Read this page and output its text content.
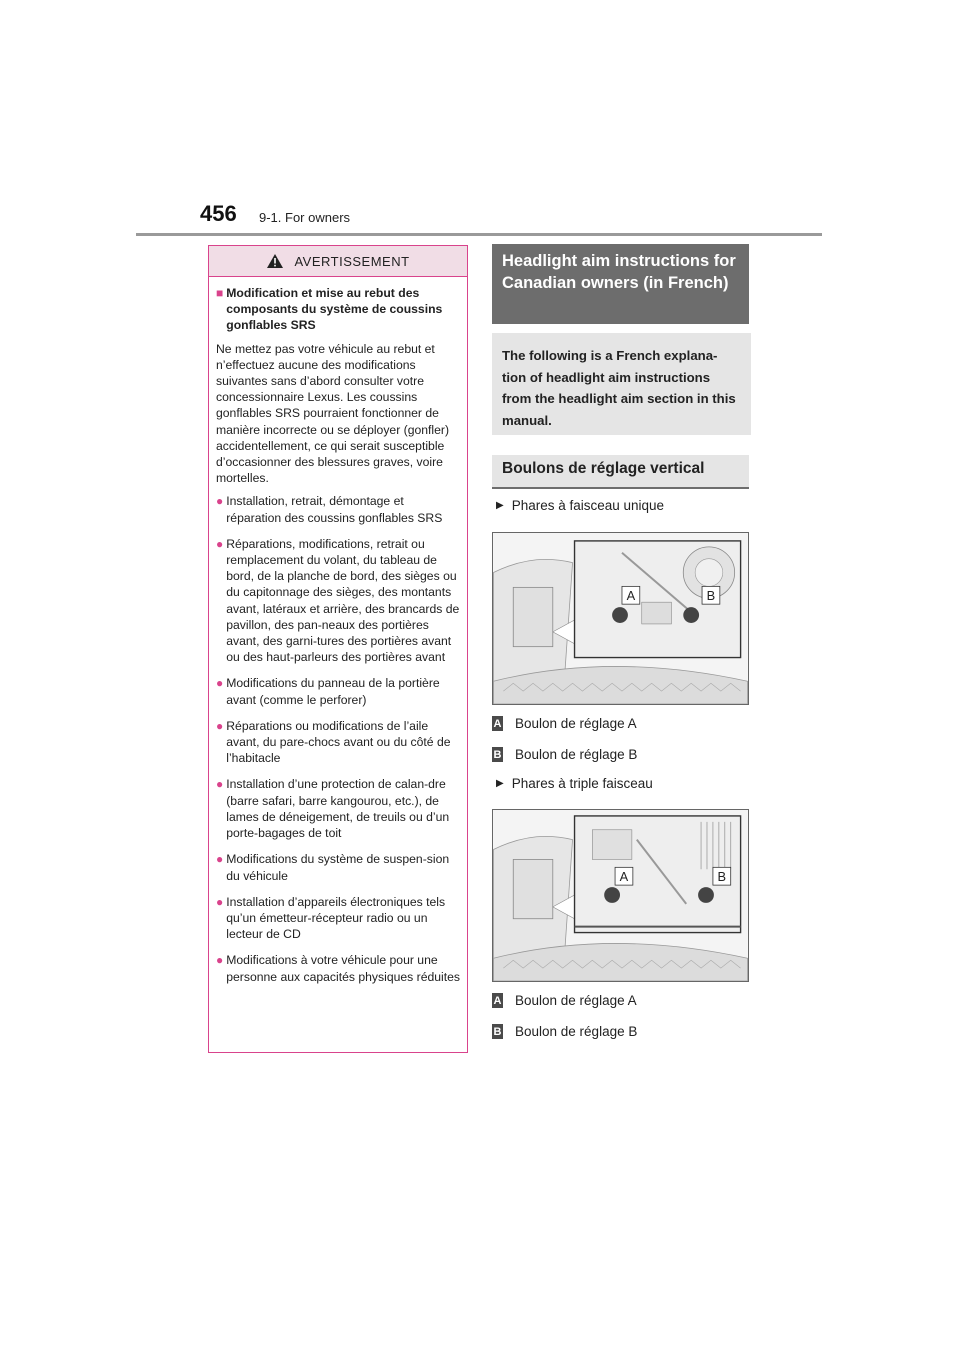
456 9-1. For owners
AVERTISSEMENT
■ Modification et mise au rebut des composants du système de coussins gonflables SRS

Ne mettez pas votre véhicule au rebut et n’effectuez aucune des modifications suivantes sans d’abord consulter votre concessionnaire Lexus. Les coussins gonflables SRS pourraient fonctionner de manière incorrecte ou se déployer (gonfler) accidentellement, ce qui serait susceptible d’occasionner des blessures graves, voire mortelles.

● Installation, retrait, démontage et réparation des coussins gonflables SRS
● Réparations, modifications, retrait ou remplacement du volant, du tableau de bord, de la planche de bord, des sièges ou du capitonnage des sièges, des montants avant, latéraux et arrière, des brancards de pavillon, des pan-neaux des portières avant, des garni-tures des portières avant ou des haut-parleurs des portières avant
● Modifications du panneau de la portière avant (comme le perforer)
● Réparations ou modifications de l’aile avant, du pare-chocs avant ou du côté de l’habitacle
● Installation d’une protection de calan-dre (barre safari, barre kangourou, etc.), de lames de déneigement, de treuils ou d’un porte-bagages de toit
● Modifications du système de suspen-sion du véhicule
● Installation d’appareils électroniques tels qu’un émetteur-récepteur radio ou un lecteur de CD
● Modifications à votre véhicule pour une personne aux capacités physiques réduites
Headlight aim instructions for Canadian owners (in French)
The following is a French explana-tion of headlight aim instructions from the headlight aim section in this manual.
Boulons de réglage vertical
▶ Phares à faisceau unique
A	B
A Boulon de réglage A
B Boulon de réglage B
▶ Phares à triple faisceau
A	B
A Boulon de réglage A
B Boulon de réglage B
